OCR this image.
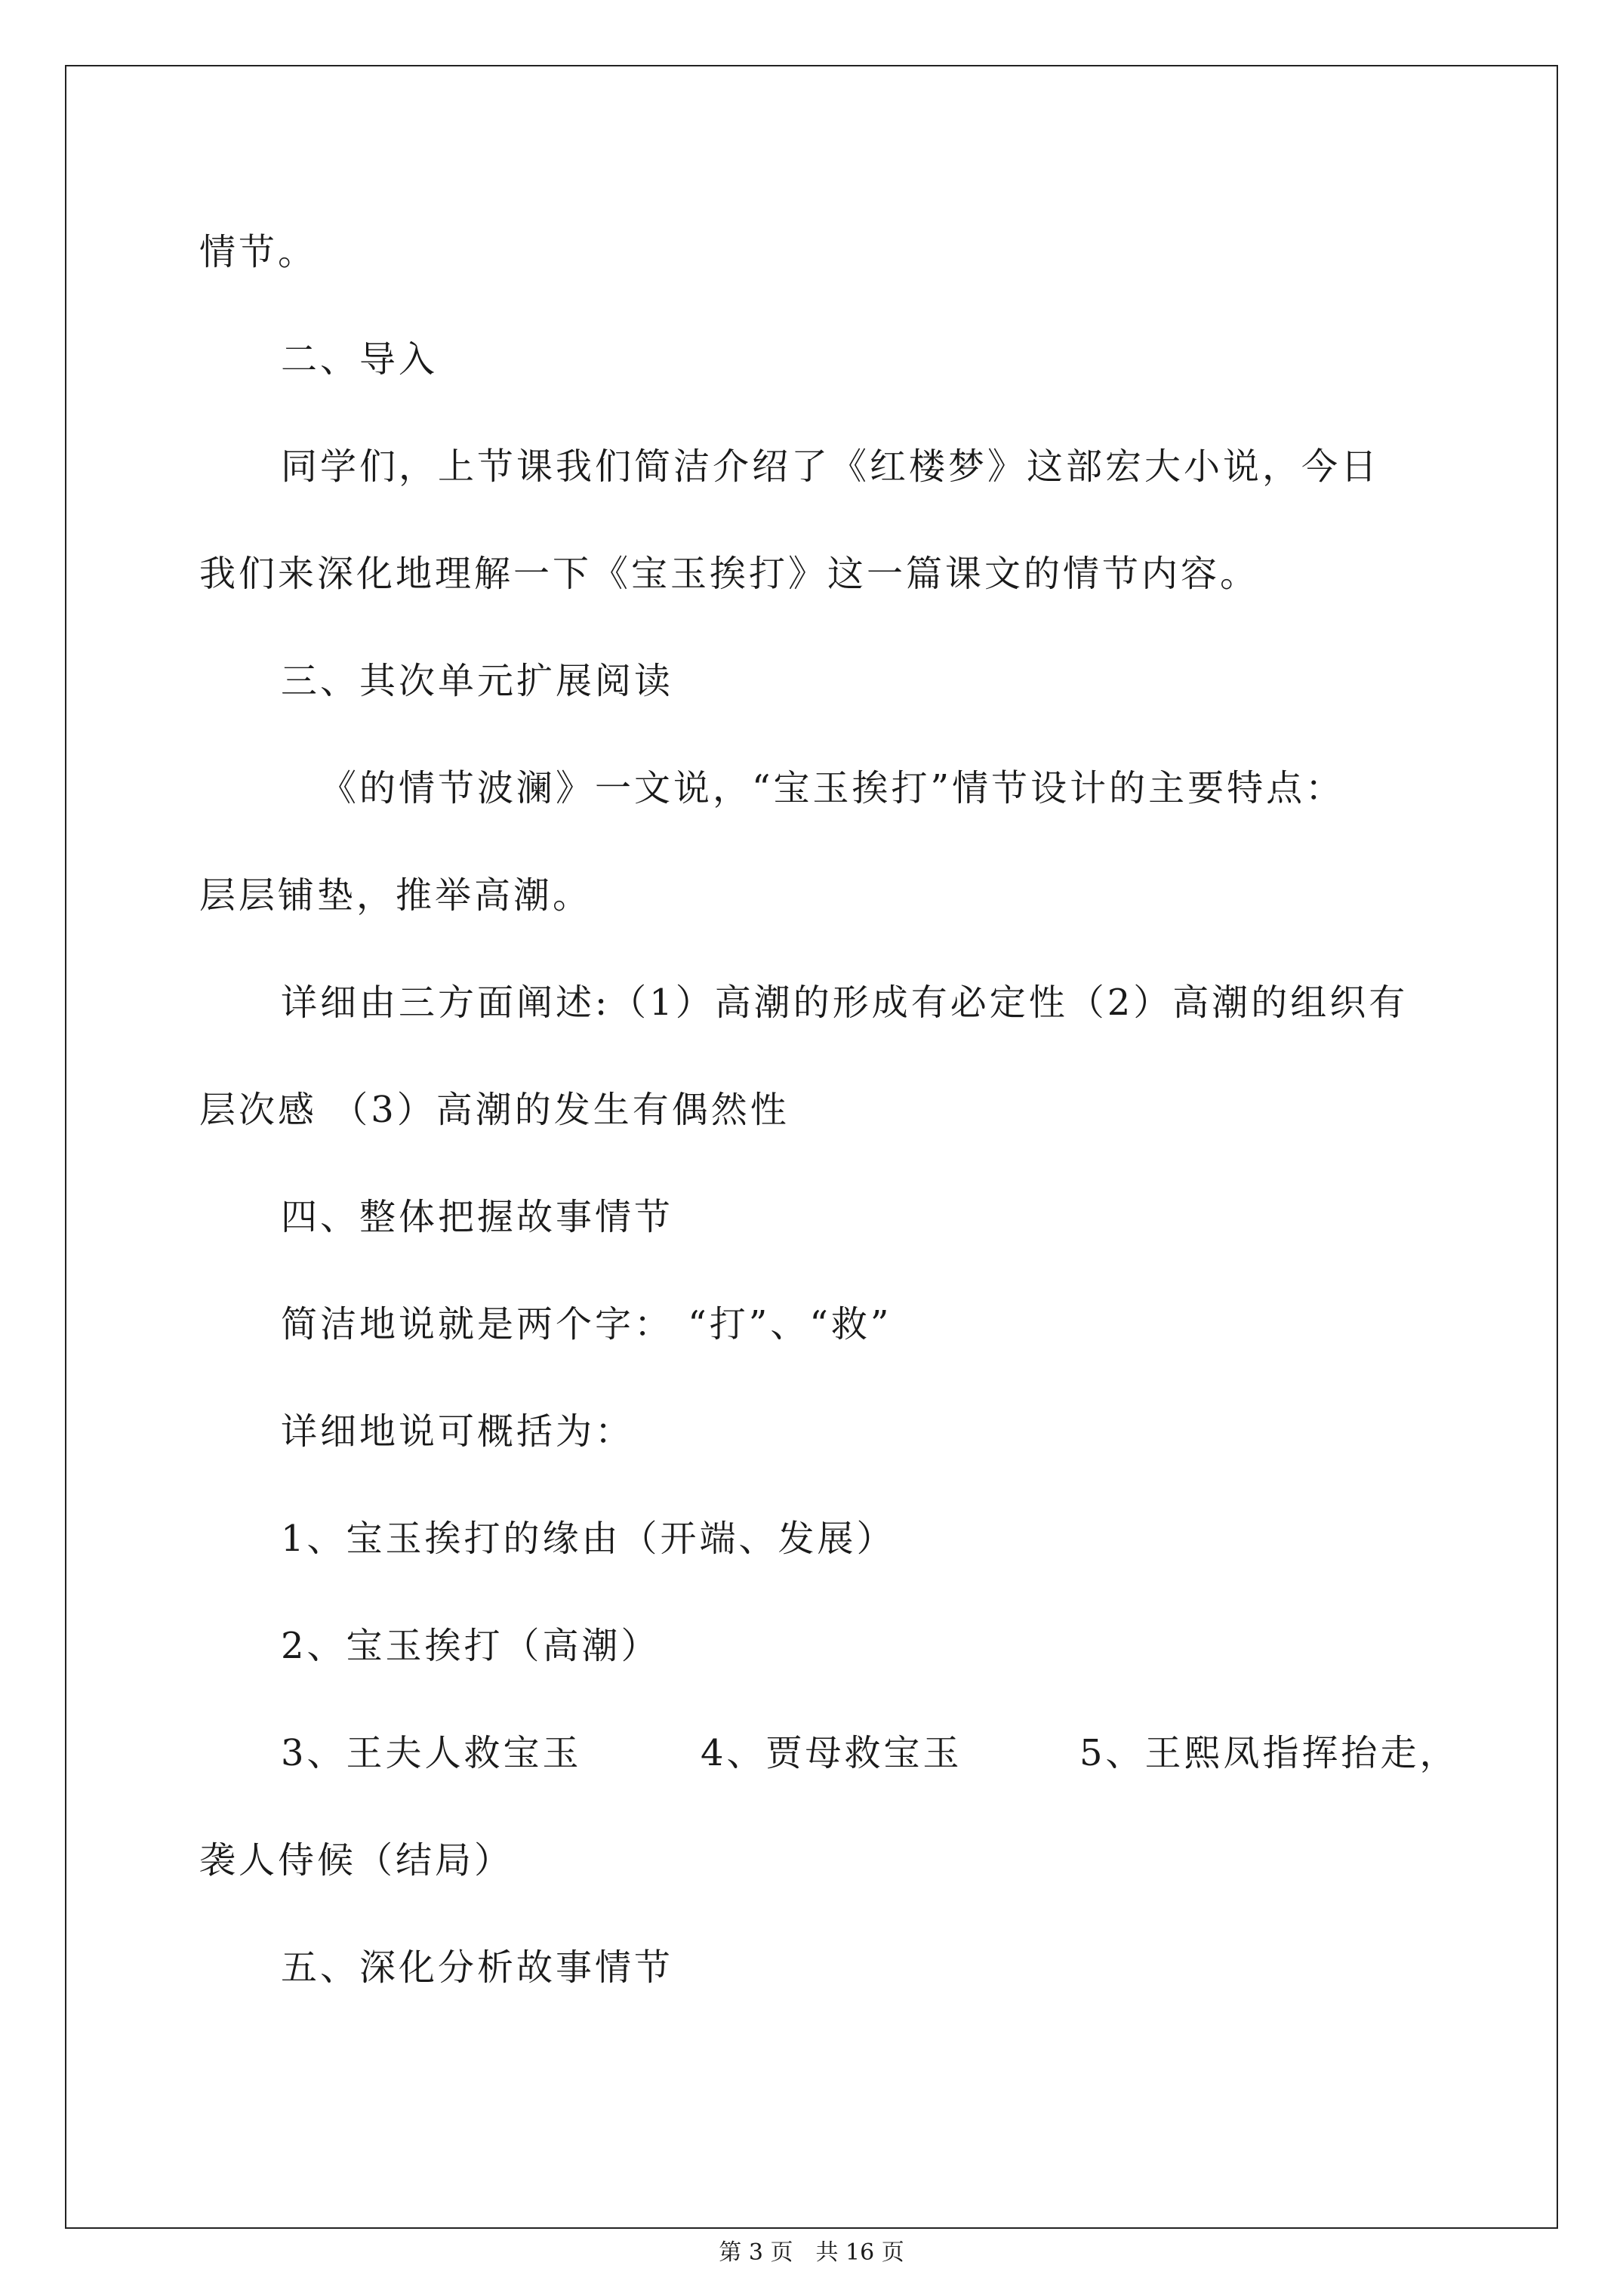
情节。
二、导入
同学们，上节课我们简洁介绍了《红楼梦》这部宏大小说，今日
我们来深化地理解一下《宝玉挨打》这一篇课文的情节内容。
三、其次单元扩展阅读
《的情节波澜》一文说，“宝玉挨打”情节设计的主要特点：
层层铺垫，推举高潮。
详细由三方面阐述:（1）高潮的形成有必定性（2）高潮的组织有
层次感 （3）高潮的发生有偶然性
四、整体把握故事情节
简洁地说就是两个字： “打”、“救”
详细地说可概括为：
1、宝玉挨打的缘由（开端、发展）
2、宝玉挨打（高潮）
3、王夫人救宝玉	4、贾母救宝玉	5、王熙凤指挥抬走，
袭人侍候（结局）
五、深化分析故事情节
第 3 页　共 16 页
